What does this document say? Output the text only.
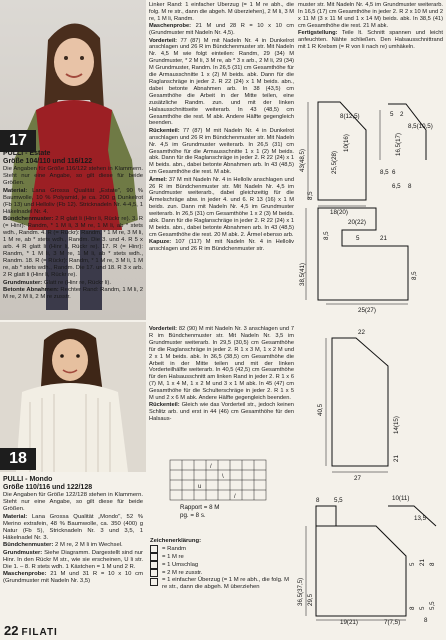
17
PULLI - Estate
Größe 104/110 und 116/122

Die Angaben für Größe 116/122 stehen in Klammern. Steht nur eine Angabe, so gilt diese für beide Größen.

Material: Lana Grossa Qualität „Estate", 90 % Baumwolle, 10 % Polyamid, je ca. 200 g Dunkelrot (Fb 13) und Helloliv (Fb 12). Stricknadeln Nr. 4-4,5, 1 Häkelnadel Nr. 4.

Bündchenmuster: 2 R glatt li (Hinr li, Rückr re). 3. R (= Hinr): Randm, * 1 M li, 3 M re, 1 M li, ab * stets wdh., Randm. 4. R (= Rückr): Randm, * 1 M re, 3 M li, 1 M re, ab * stets wdh., Randm. Die 3. und 4. R 5 x arb. 4 R glatt li (Hinr li, Rückr re). 17. R (= Hinr): Randm, * 1 M li, 3 M re, 1 M li, ab * stets wdh., Randm. 18. R (= Rückr): Randm, * 1 M re, 3 M li, 1 M re, ab * stets wdh., Randm. Die 17. und 18. R 3 x arb. 2 R glatt li (Hinr li, Rückr re).

Grundmuster: Glatt re (Hinr re, Rückr li).

Betonte Abnahmen: Rechter Rand: Randm, 1 M li, 2 M re, 2 M li, 2 M re zusstr.

Linker Rand: 1 einfacher Überzug (= 1 M re abh., die folg. M re str., dann die abgeh. M überziehen), 2 M li, 3 M re, 1 M li, Randm.

Maschenprobe: 21 M und 28 R = 10 x 10 cm (Grundmuster mit Nadeln Nr. 4,5).

Vorderteil: 77 (87) M mit Nadeln Nr. 4 in Dunkelrot anschlagen und 26 R im Bündchenmuster str. Mit Nadeln Nr. 4,5 M wie folgt einteilen: Randm, 29 (34) M Grundmuster, * 2 M li, 3 M re, ab * 3 x arb., 2 M li, 29 (34) M Grundmuster, Randm. In 26,5 (31) cm Gesamthöhe für die Armausschnitte 1 x (2) M beids. abk. Dann für die Raglanschräge in jeder 2. R 22 (24) x 1 M beids. abn., dabei betonte Abnahmen arb. In 38 (43,5) cm Gesamthöhe die Arbeit in der Mitte teilen, eine zusätzliche Randm. zun. und mit der linken Halsausschnittseite weiterarb. In 43 (48,5) cm Gesamthöhe die rest. M abk. Andere Hälfte gegengleich beenden.

Rückenteil: 77 (87) M mit Nadeln Nr. 4 in Dunkelrot anschlagen und 26 R im Bündchenmuster str. Mit Nadeln Nr. 4,5 im Grundmuster weiterarb. In 26,5 (31) cm Gesamthöhe für die Armausschnitte 1 x 1 (2) M beids. abk. Dann für die Raglanschräge in jeder 2. R 22 (24) x 1 M beids. abn., dabei betonte Abnahmen arb. In 43 (48,5) cm Gesamthöhe die rest. M abk.

Ärmel: 37 M mit Nadeln Nr. 4 in Helloliv anschlagen und 26 R im Bündchenmuster str. Mit Nadeln Nr. 4,5 im Grundmuster weiterarb., dabei gleichzeitig für die Ärmelschräge abw. in jeder 4. und 6. R 13 (16) x 1 M beids. zun. Dann mit Nadeln Nr. 4,5 im Grundmuster weiterarb. In 26,5 (31) cm Gesamthöhe 1 x 2 (3) M beids. abk. Dann für die Raglanschräge in jeder 2. R 22 (24) x 1 M beids. abn., dabei betonte Abnahmen arb. In 43 (48,5) cm Gesamthöhe die rest. 20 M abk. 2. Ärmel ebenso arb.

Kapuze: 107 (117) M mit Nadeln Nr. 4 in Helloliv anschlagen und 26 R im Bündchenmuster str.

muster str. Mit Nadeln Nr. 4,5 im Grundmuster weiterarb. In 16,5 (17) cm Gesamthöhe in jeder 2. R 2 x 10 M und 2 x 11 M (3 x 11 M und 1 x 14 M) beids. abk. In 38,5 (41) cm Gesamthöhe die rest. 21 M abk.

Fertigstellung: Teile lt. Schnitt spannen und leicht anfeuchten. Nähte schließen. Den Halsausschnittrand mit 1 R Krebsm (= R von li nach re) umhäkeln.

8(12,5)
10(16)
25,5(28)
43(48,5)
8,5
18(20)
8,5(10,5)
16,5(17)
5 2
6
8,5
20(22)
38,5(41)
8,5	21
5
8,5
25(27)
6,5 8
18
PULLI - Mondo
Größe 110/116 und 122/128

Die Angaben für Größe 122/128 stehen in Klammern. Steht nur eine Angabe, so gilt diese für beide Größen.

Material: Lana Grossa Qualität „Mondo", 52 % Merino extrafein, 48 % Baumwolle, ca. 350 (400) g Natur (Fb 5), Stricknadeln Nr. 3 und 3,5, 1 Häkelnadel Nr. 3.

Bündchenmuster: 2 M re, 2 M li im Wechsel.

Grundmuster: Siehe Diagramm. Dargestellt sind nur Hinr. In den Rückr M str., wie sie erscheinen, U li str. Die 1. – 8. R stets wdh. 1 Kästchen = 1 M und 2 R.

Maschenprobe: 21 M und 31 R = 10 x 10 cm (Grundmuster mit Nadeln Nr. 3,5)

Vorderteil: 82 (90) M mit Nadeln Nr. 3 anschlagen und 7 R im Bündchenmuster str. Mit Nadeln Nr. 3,5 im Grundmuster weiterarb. In 29,5 (30,5) cm Gesamthöhe für die Raglanschräge in jeder 2. R 1 x 3 M, 1 x 2 M und 2 x 1 M beids. abk. In 36,5 (38,5) cm Gesamthöhe die Arbeit in der Mitte teilen und mit der linken Vorderteilhälfte weiterarb. In 40,5 (42,5) cm Gesamthöhe für den Halsausschnitt am linken Rand in jeder 2. R 1 x 6 (7) M, 1 x 4 M, 1 x 2 M und 3 x 1 M abk. In 45 (47) cm Gesamthöhe für die Schulterschräge in jeder 2. R 1 x 5 M und 2 x 6 M abk. Andere Hälfte gegengleich beenden.

Rückenteil: Gleich wie das Vorderteil str., jedoch keinen Schlitz arb. und erst in 44 (46) cm Gesamthöhe für den Halsaus-

/
\
u
/
Rapport = 8 M
pg. = 8 s.
Zeichenerklärung:
= Randm
= 1 M re
= 1 Umschlag
= 2 M re zusstr.
= 1 einfacher Überzug (= 1 M re abh., die folg. M re str., dann die abgeh. M überziehen
22
40,5
27
14(15)
21
8 5,5	10(11)
13,5
29,5
36,5(37,5)
19(21)
8 5 5,5
5 21 8
7(7,5)	8
22 FILATI
